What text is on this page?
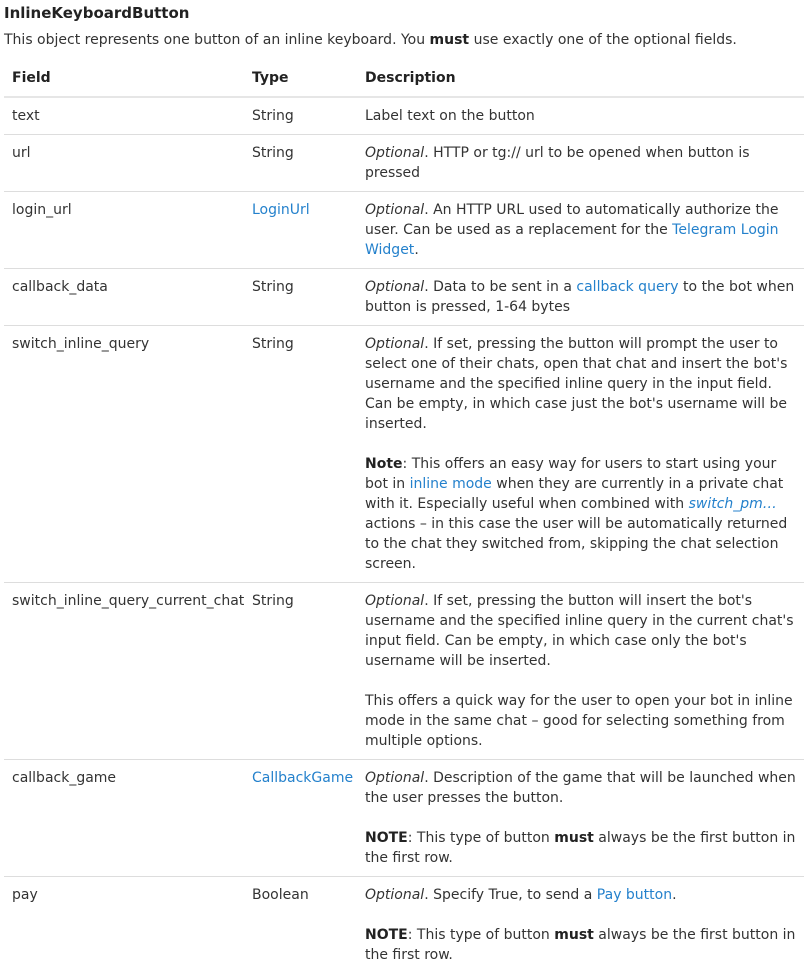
InlineKeyboardButton

This object represents one button of an inline keyboard. You must use exactly one of the optional fields.

Field	Type	Description
text	String	Label text on the button
url	String	Optional. HTTP or tg:// url to be opened when button is pressed
login_url	LoginUrl	Optional. An HTTP URL used to automatically authorize the user. Can be used as a replacement for the Telegram Login Widget.
callback_data	String	Optional. Data to be sent in a callback query to the bot when button is pressed, 1-64 bytes
switch_inline_query	String	Optional. If set, pressing the button will prompt the user to select one of their chats, open that chat and insert the bot's username and the specified inline query in the input field. Can be empty, in which case just the bot's username will be inserted.

Note: This offers an easy way for users to start using your bot in inline mode when they are currently in a private chat with it. Especially useful when combined with switch_pm… actions – in this case the user will be automatically returned to the chat they switched from, skipping the chat selection screen.

switch_inline_query_current_chat	String	Optional. If set, pressing the button will insert the bot's username and the specified inline query in the current chat's input field. Can be empty, in which case only the bot's username will be inserted.

This offers a quick way for the user to open your bot in inline mode in the same chat – good for selecting something from multiple options.

callback_game	CallbackGame	Optional. Description of the game that will be launched when the user presses the button.

NOTE: This type of button must always be the first button in the first row.

pay	Boolean	Optional. Specify True, to send a Pay button.

NOTE: This type of button must always be the first button in the first row.
